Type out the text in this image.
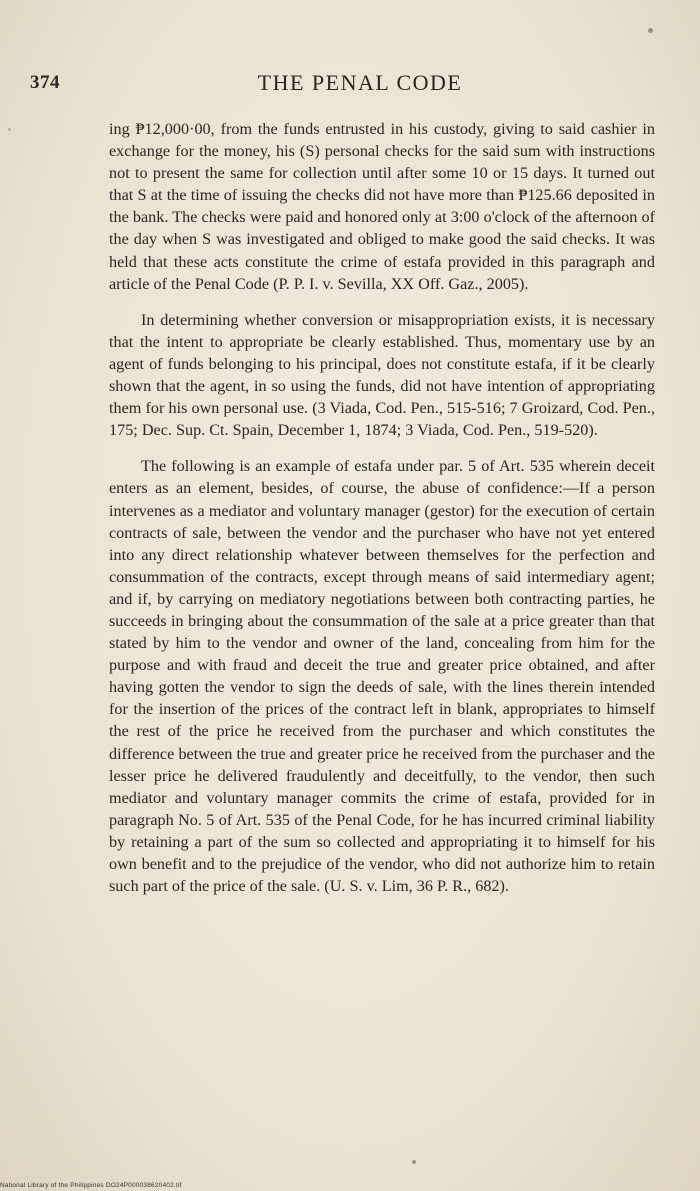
374	THE PENAL CODE

ing ₱12,000·00, from the funds entrusted in his custody, giving to said cashier in exchange for the money, his (S) personal checks for the said sum with instructions not to present the same for collection until after some 10 or 15 days. It turned out that S at the time of issuing the checks did not have more than ₱125.66 deposited in the bank. The checks were paid and honored only at 3:00 o'clock of the afternoon of the day when S was investigated and obliged to make good the said checks. It was held that these acts constitute the crime of estafa provided in this paragraph and article of the Penal Code (P. P. I. v. Sevilla, XX Off. Gaz., 2005).

In determining whether conversion or misappropriation exists, it is necessary that the intent to appropriate be clearly established. Thus, momentary use by an agent of funds belonging to his principal, does not constitute estafa, if it be clearly shown that the agent, in so using the funds, did not have intention of appropriating them for his own personal use. (3 Viada, Cod. Pen., 515-516; 7 Groizard, Cod. Pen., 175; Dec. Sup. Ct. Spain, December 1, 1874; 3 Viada, Cod. Pen., 519-520).

The following is an example of estafa under par. 5 of Art. 535 wherein deceit enters as an element, besides, of course, the abuse of confidence:—If a person intervenes as a mediator and voluntary manager (gestor) for the execution of certain contracts of sale, between the vendor and the purchaser who have not yet entered into any direct relationship whatever between themselves for the perfection and consummation of the contracts, except through means of said intermediary agent; and if, by carrying on mediatory negotiations between both contracting parties, he succeeds in bringing about the consummation of the sale at a price greater than that stated by him to the vendor and owner of the land, concealing from him for the purpose and with fraud and deceit the true and greater price obtained, and after having gotten the vendor to sign the deeds of sale, with the lines therein intended for the insertion of the prices of the contract left in blank, appropriates to himself the rest of the price he received from the purchaser and which constitutes the difference between the true and greater price he received from the purchaser and the lesser price he delivered fraudulently and deceitfully, to the vendor, then such mediator and voluntary manager commits the crime of estafa, provided for in paragraph No. 5 of Art. 535 of the Penal Code, for he has incurred criminal liability by retaining a part of the sum so collected and appropriating it to himself for his own benefit and to the prejudice of the vendor, who did not authorize him to retain such part of the price of the sale. (U. S. v. Lim, 36 P. R., 682).

National Library of the Philippines DO24P000038620402.tif
